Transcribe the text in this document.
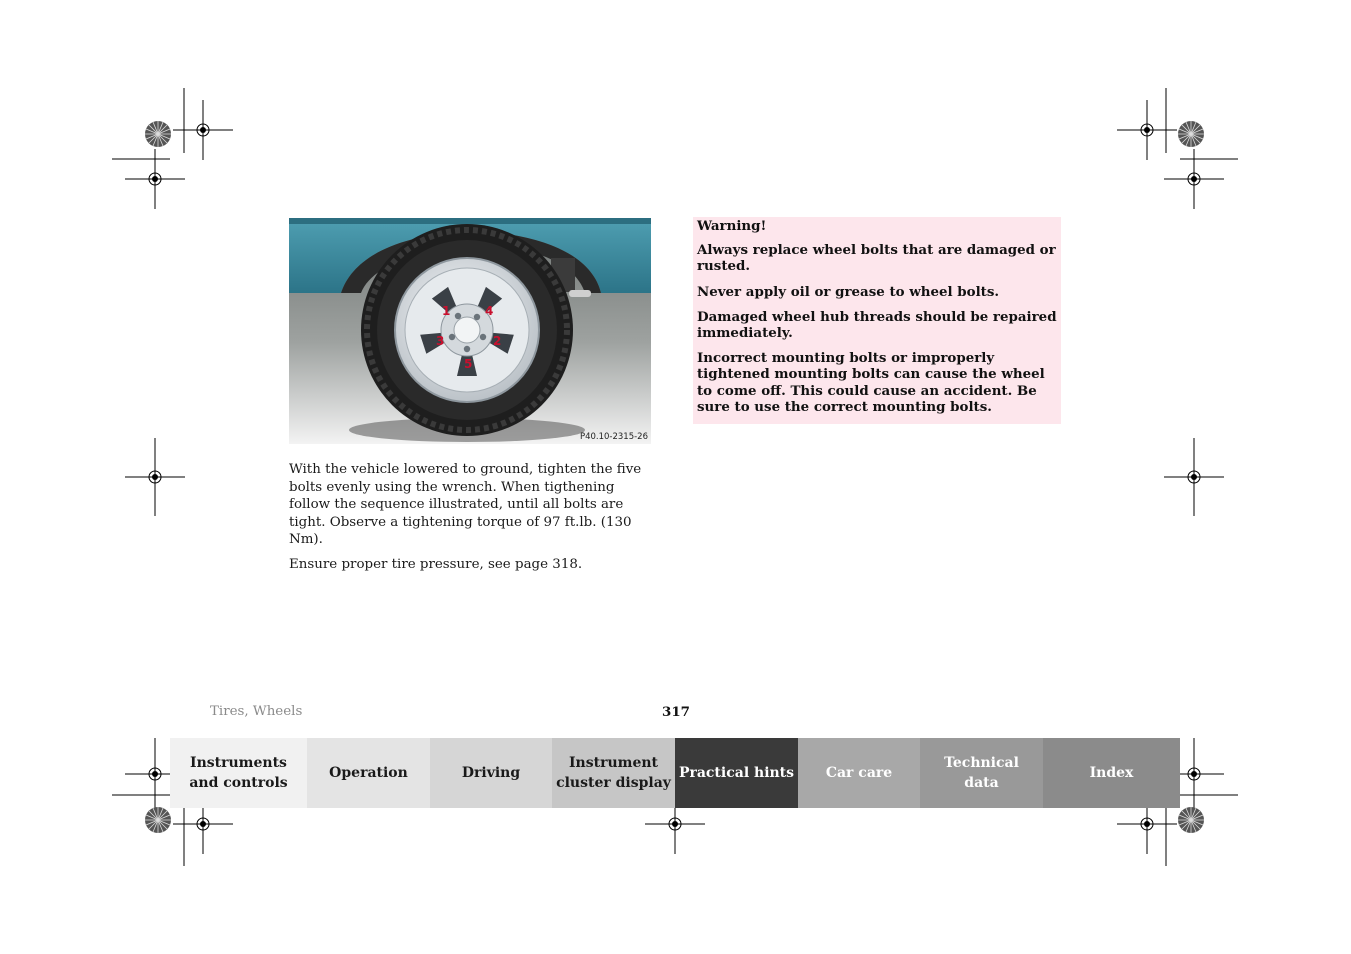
1	4
3	2
5
P40.10-2315-26

With the vehicle lowered to ground, tighten the five bolts evenly using the wrench. When tigthening follow the sequence illustrated, until all bolts are tight. Observe a tightening torque of 97 ft.lb. (130 Nm).

Ensure proper tire pressure, see page 318.

Warning!

Always replace wheel bolts that are damaged or rusted.

Never apply oil or grease to wheel bolts.

Damaged wheel hub threads should be repaired immediately.

Incorrect mounting bolts or improperly tightened mounting bolts can cause the wheel to come off. This could cause an accident. Be sure to use the correct mounting bolts.

Tires, Wheels	317
Instruments
and controls
Operation	Driving
Instrument
cluster display
Practical hints	Car care
Technical
data
Index
